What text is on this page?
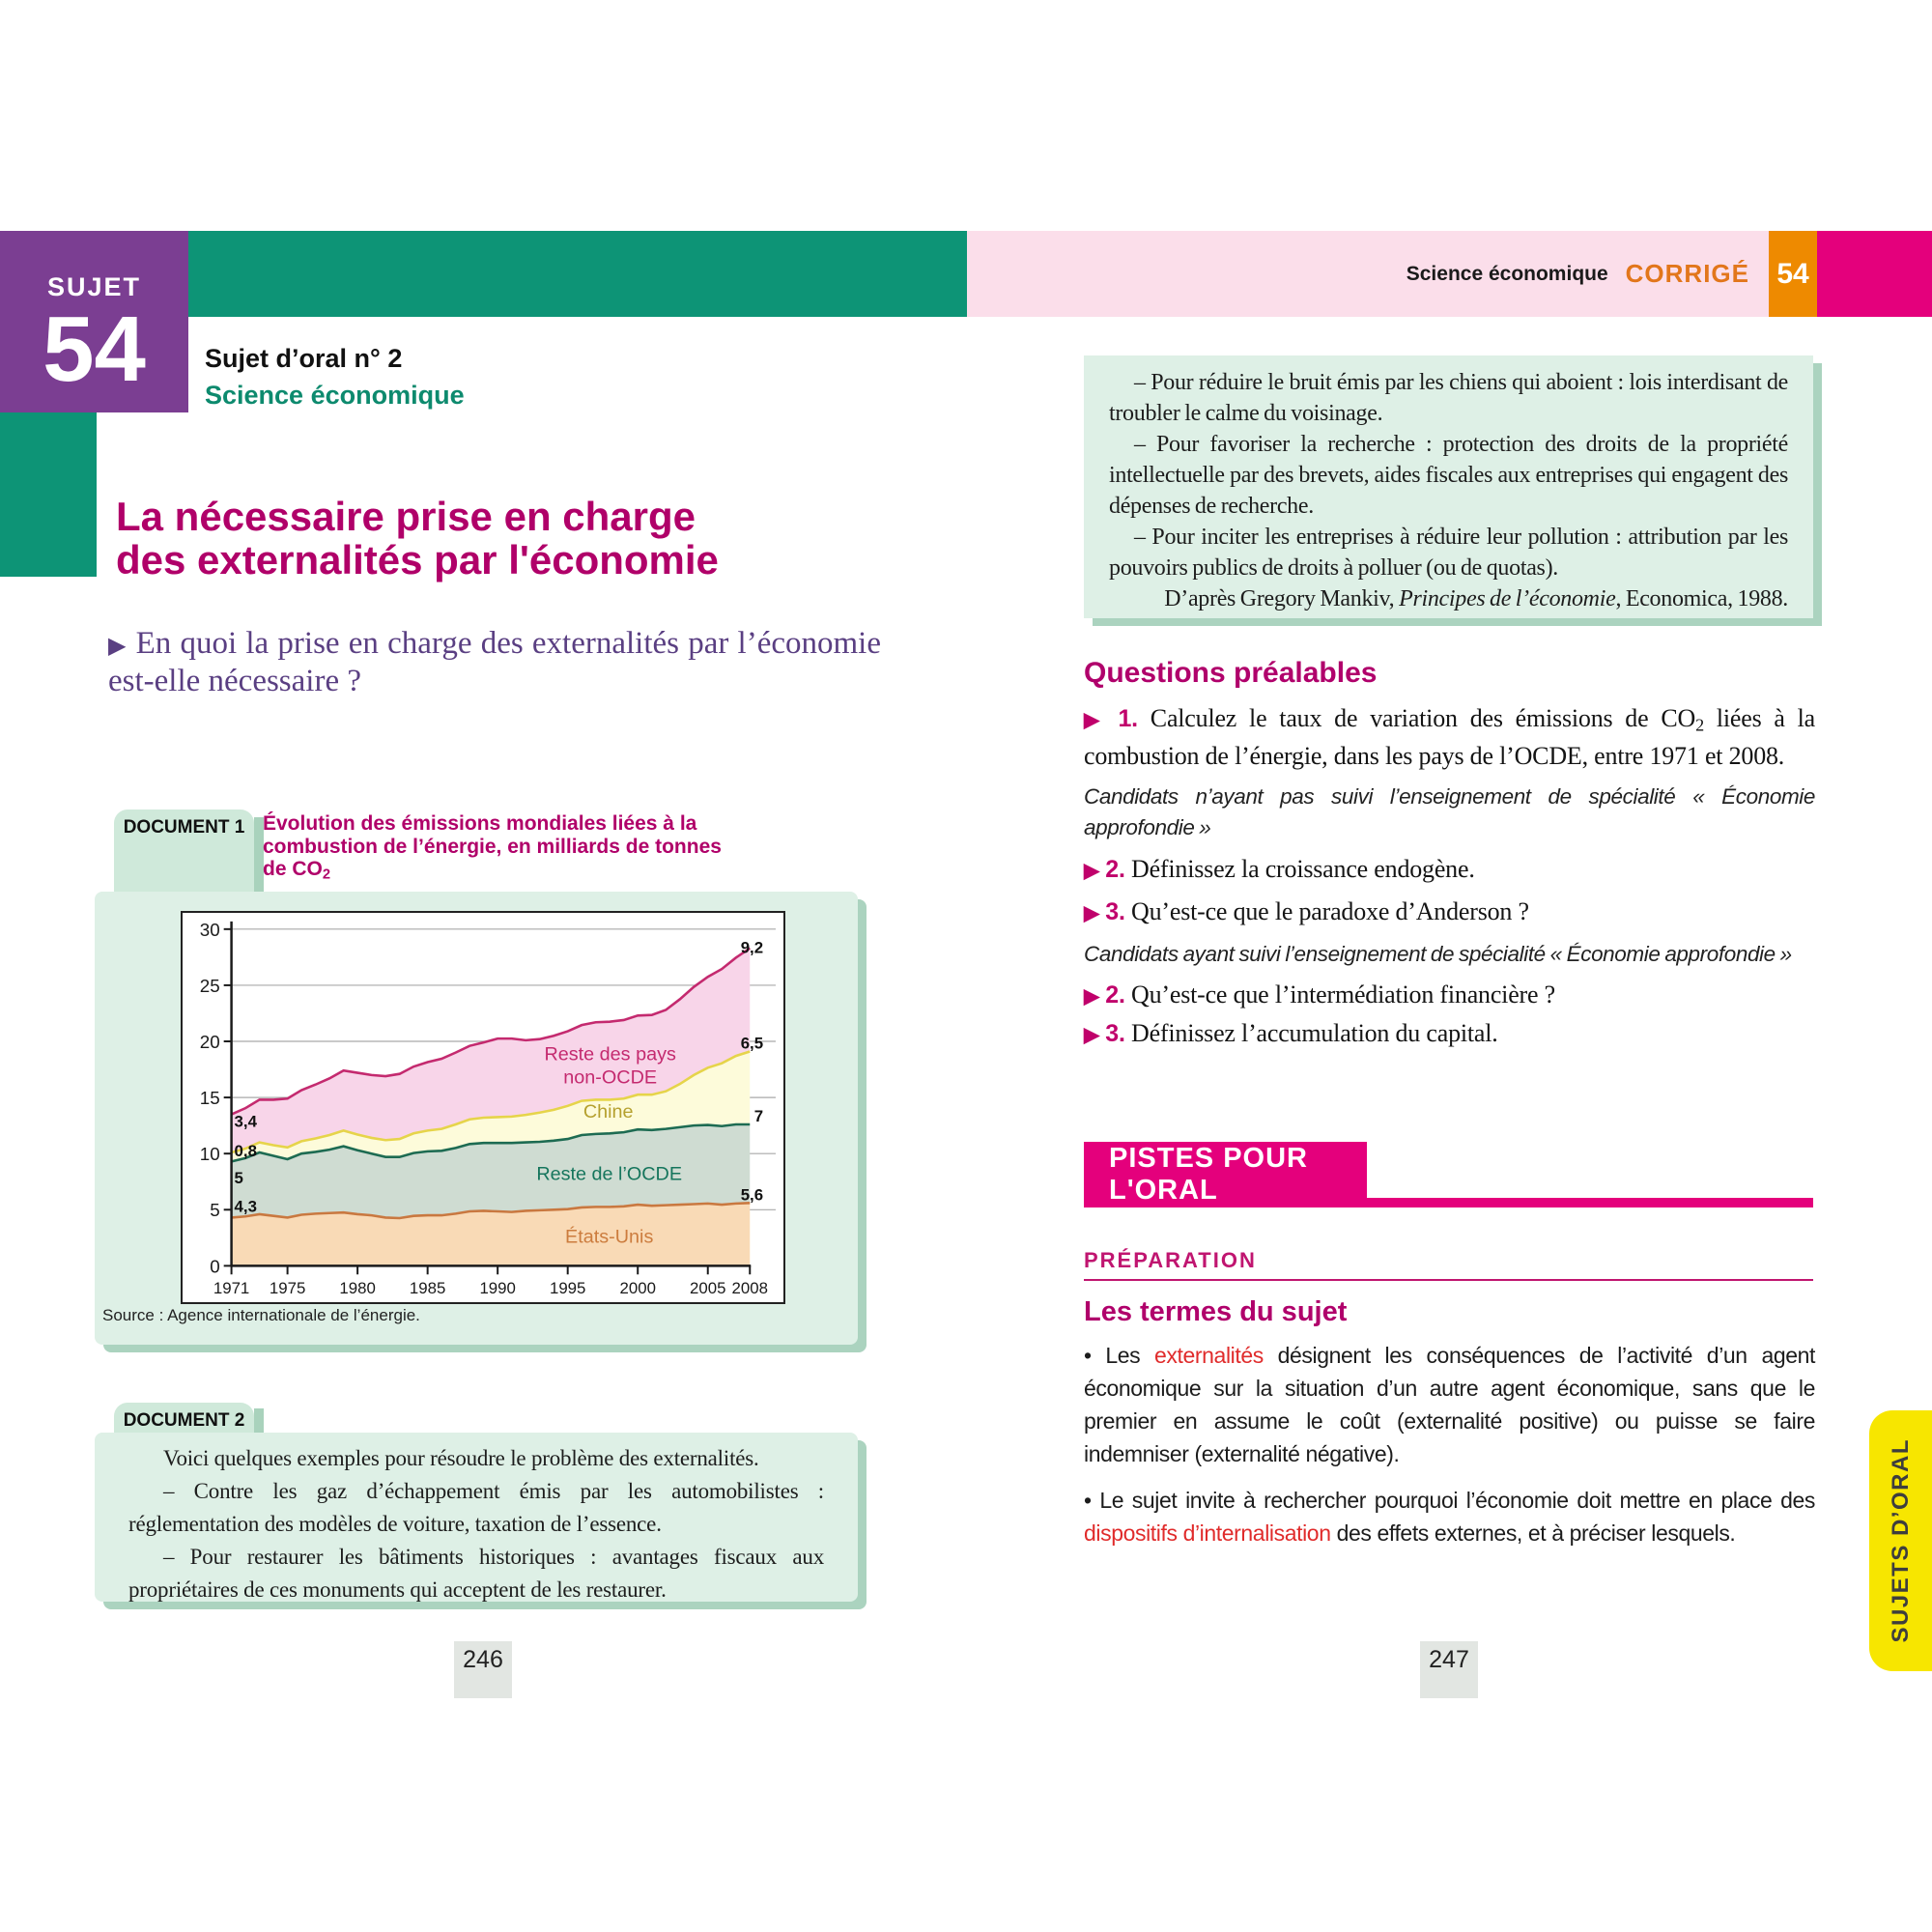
SUJET
54
Science économique CORRIGÉ 54
Sujet d’oral n° 2
Science économique
La nécessaire prise en charge
des externalités par l'économie
▶ En quoi la prise en charge des externalités par l’économie est-elle nécessaire ?
DOCUMENT 1 Évolution des émissions mondiales liées à la combustion de l’énergie, en milliards de tonnes de CO2
0
5
10
15
20
25
30
1971 1975 1980 1985 1990 1995 2000 2005 2008
4,3
5,6
États-Unis
5
7
Reste de l’OCDE
0,8
6,5
Chine
3,4
9,2
Reste des pays
non-OCDE
Source : Agence internationale de l’énergie.
DOCUMENT 2

Voici quelques exemples pour résoudre le problème des externalités.

– Contre les gaz d’échappement émis par les automobilistes : réglementation des modèles de voiture, taxation de l’essence.

– Pour restaurer les bâtiments historiques : avantages fiscaux aux propriétaires de ces monuments qui acceptent de les restaurer.

246

– Pour réduire le bruit émis par les chiens qui aboient : lois interdisant de troubler le calme du voisinage.

– Pour favoriser la recherche : protection des droits de la propriété intellectuelle par des brevets, aides fiscales aux entreprises qui engagent des dépenses de recherche.

– Pour inciter les entreprises à réduire leur pollution : attribution par les pouvoirs publics de droits à polluer (ou de quotas).

D’après Gregory Mankiv, Principes de l’économie, Economica, 1988.

Questions préalables
▶ 1. Calculez le taux de variation des émissions de CO2 liées à la combustion de l’énergie, dans les pays de l’OCDE, entre 1971 et 2008.
Candidats n’ayant pas suivi l’enseignement de spécialité « Économie approfondie »
▶ 2. Définissez la croissance endogène.
▶ 3. Qu’est-ce que le paradoxe d’Anderson ?
Candidats ayant suivi l’enseignement de spécialité « Économie approfondie »
▶ 2. Qu’est-ce que l’intermédiation financière ?
▶ 3. Définissez l’accumulation du capital.
PISTES POUR L'ORAL
PRÉPARATION
Les termes du sujet

• Les externalités désignent les conséquences de l’activité d’un agent économique sur la situation d’un autre agent économique, sans que le premier en assume le coût (externalité positive) ou puisse se faire indemniser (externalité négative).

• Le sujet invite à rechercher pourquoi l’économie doit mettre en place des dispositifs d’internalisation des effets externes, et à préciser lesquels.

247
SUJETS D’ORAL
